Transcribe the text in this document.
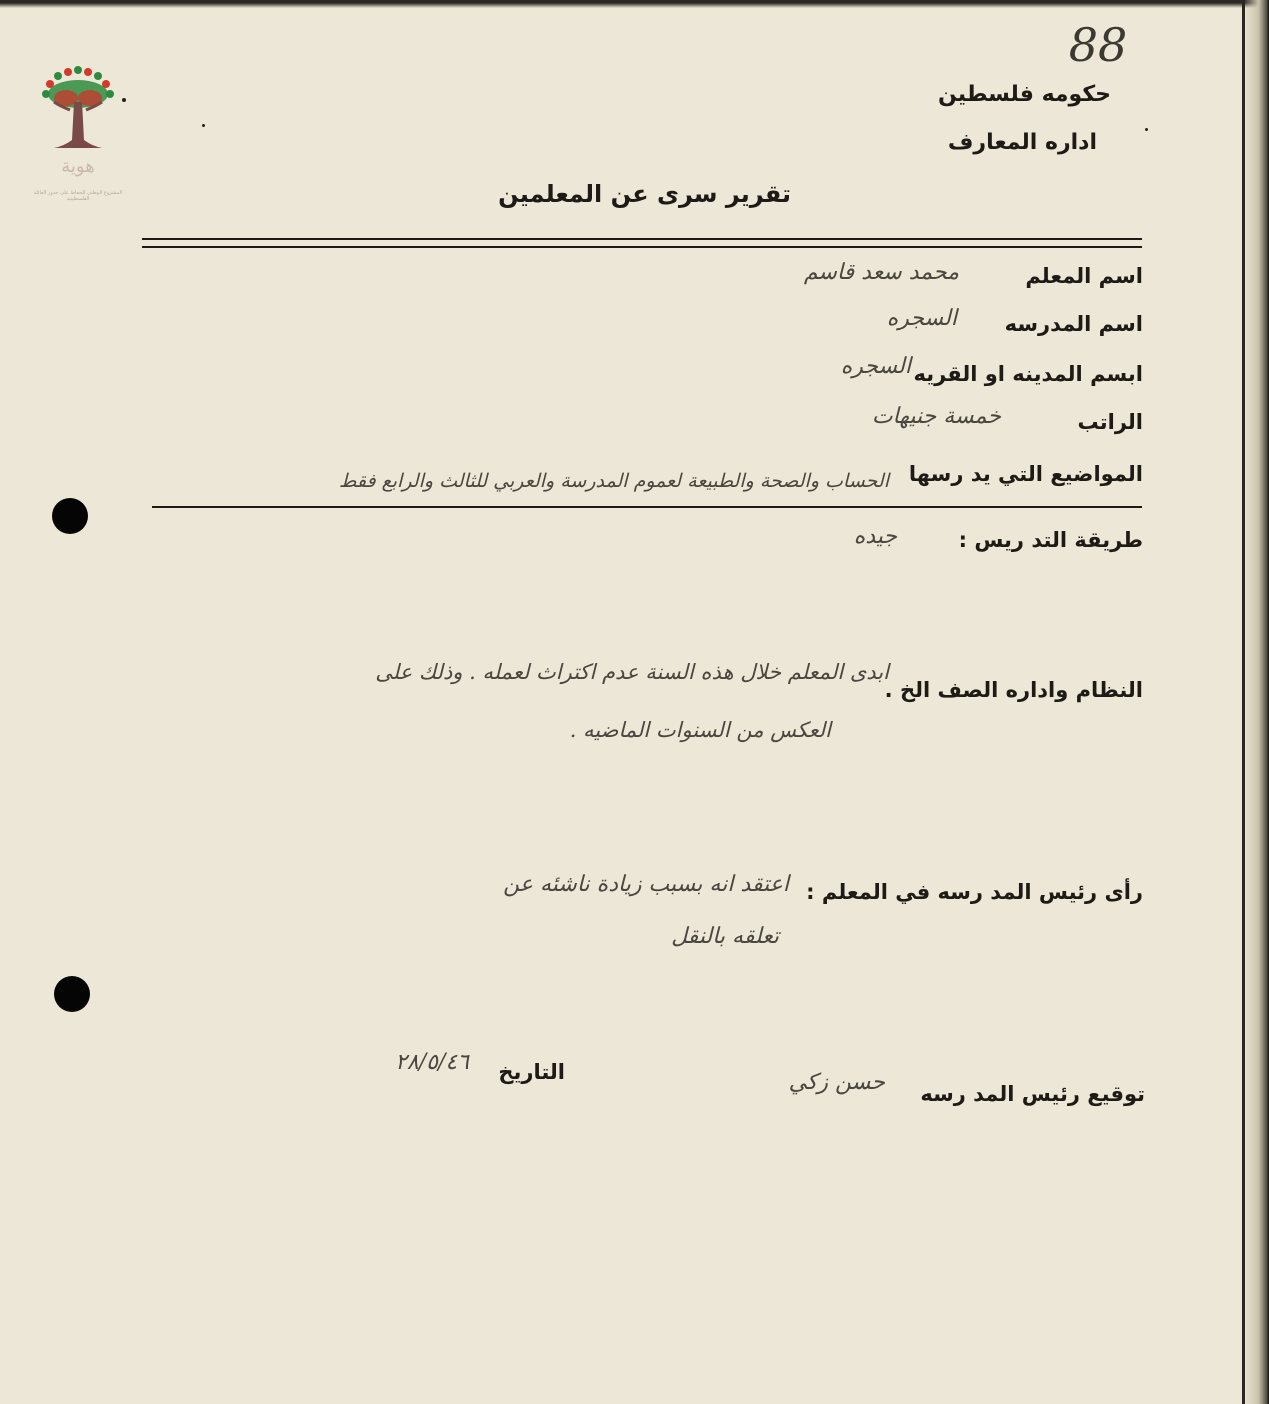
هوية
المشروع الوطني للحفاظ على جذور العائلة الفلسطينية
88
حكومه فلسطين
اداره المعارف
تقرير سرى عن المعلمين
اسم المعلم
محمد سعد قاسم
اسم المدرسه
السجره
ابسم المدينه او القريه
السجره
الراتب
خمسة جنيهات
المواضيع التي يد رسها
الحساب والصحة والطبيعة لعموم المدرسة والعربي للثالث والرابع فقط
طريقة التد ريس :
جيده
النظام واداره الصف الخ .
ابدى المعلم خلال هذه السنة عدم اكتراث لعمله . وذلك على
العكس من السنوات الماضيه .
رأى رئيس المد رسه في المعلم :
اعتقد انه بسبب زيادة ناشئه عن
تعلقه بالنقل
توقيع رئيس المد رسه
حسن زكي
التاريخ
٢٨/٥/٤٦
